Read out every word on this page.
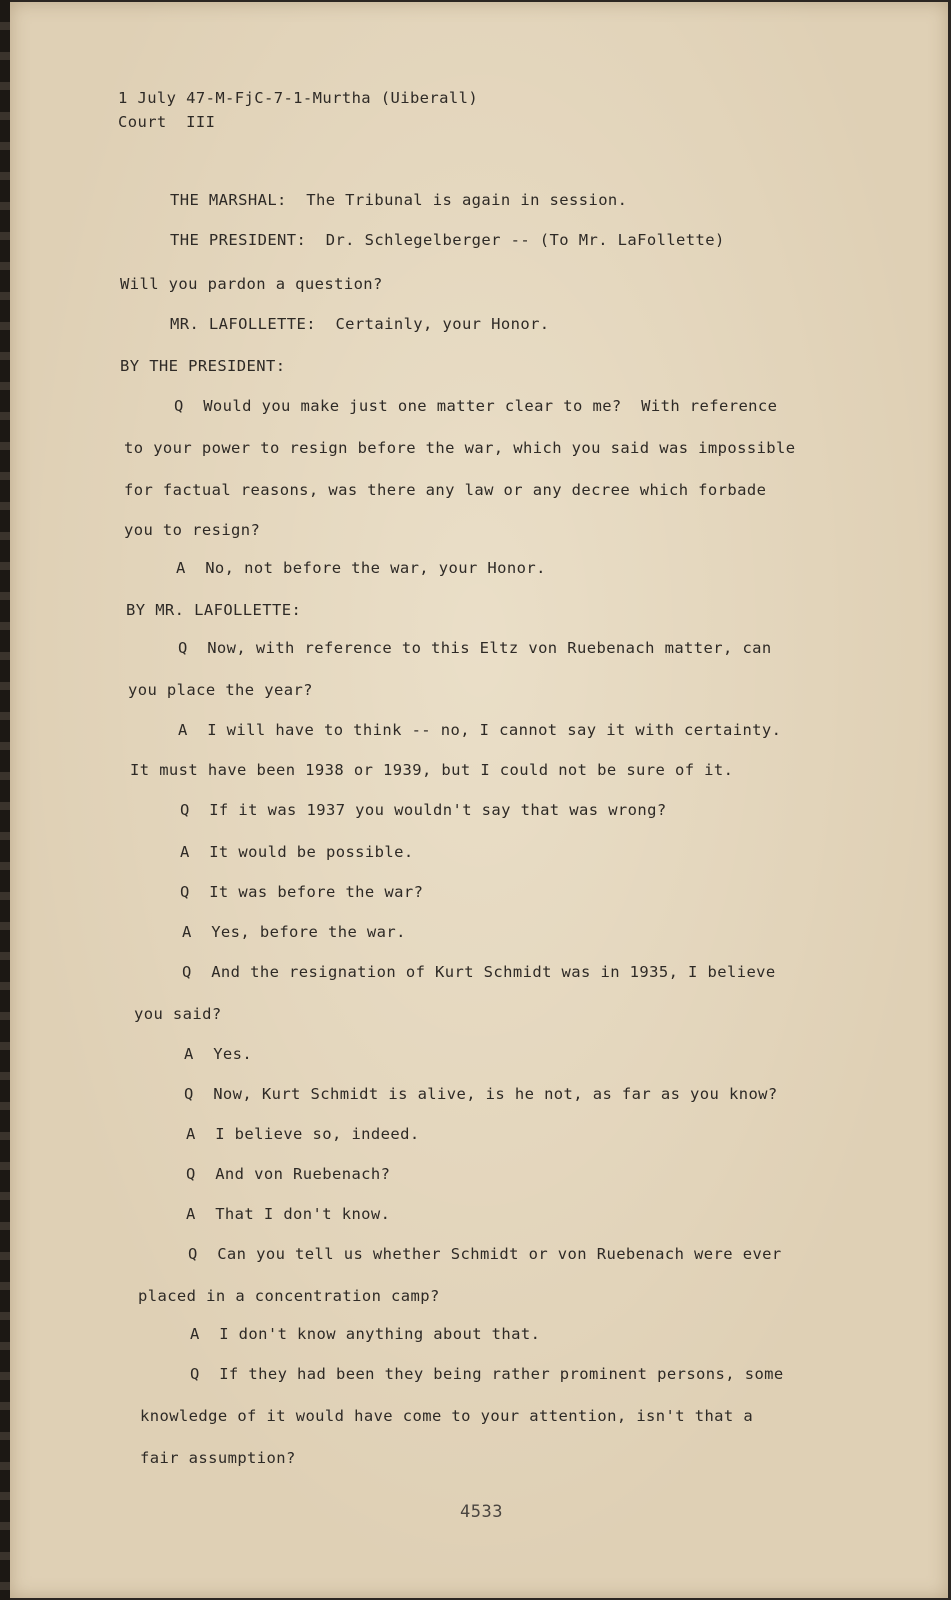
1 July 47-M-FjC-7-1-Murtha (Uiberall)

Court  III

THE MARSHAL:  The Tribunal is again in session.

THE PRESIDENT:  Dr. Schlegelberger -- (To Mr. LaFollette)

Will you pardon a question?

MR. LAFOLLETTE:  Certainly, your Honor.

BY THE PRESIDENT:

Q  Would you make just one matter clear to me?  With reference

to your power to resign before the war, which you said was impossible

for factual reasons, was there any law or any decree which forbade

you to resign?

A  No, not before the war, your Honor.

BY MR. LAFOLLETTE:

Q  Now, with reference to this Eltz von Ruebenach matter, can

you place the year?

A  I will have to think -- no, I cannot say it with certainty.

It must have been 1938 or 1939, but I could not be sure of it.

Q  If it was 1937 you wouldn't say that was wrong?

A  It would be possible.

Q  It was before the war?

A  Yes, before the war.

Q  And the resignation of Kurt Schmidt was in 1935, I believe

you said?

A  Yes.

Q  Now, Kurt Schmidt is alive, is he not, as far as you know?

A  I believe so, indeed.

Q  And von Ruebenach?

A  That I don't know.

Q  Can you tell us whether Schmidt or von Ruebenach were ever

placed in a concentration camp?

A  I don't know anything about that.

Q  If they had been they being rather prominent persons, some

knowledge of it would have come to your attention, isn't that a

fair assumption?

4533
